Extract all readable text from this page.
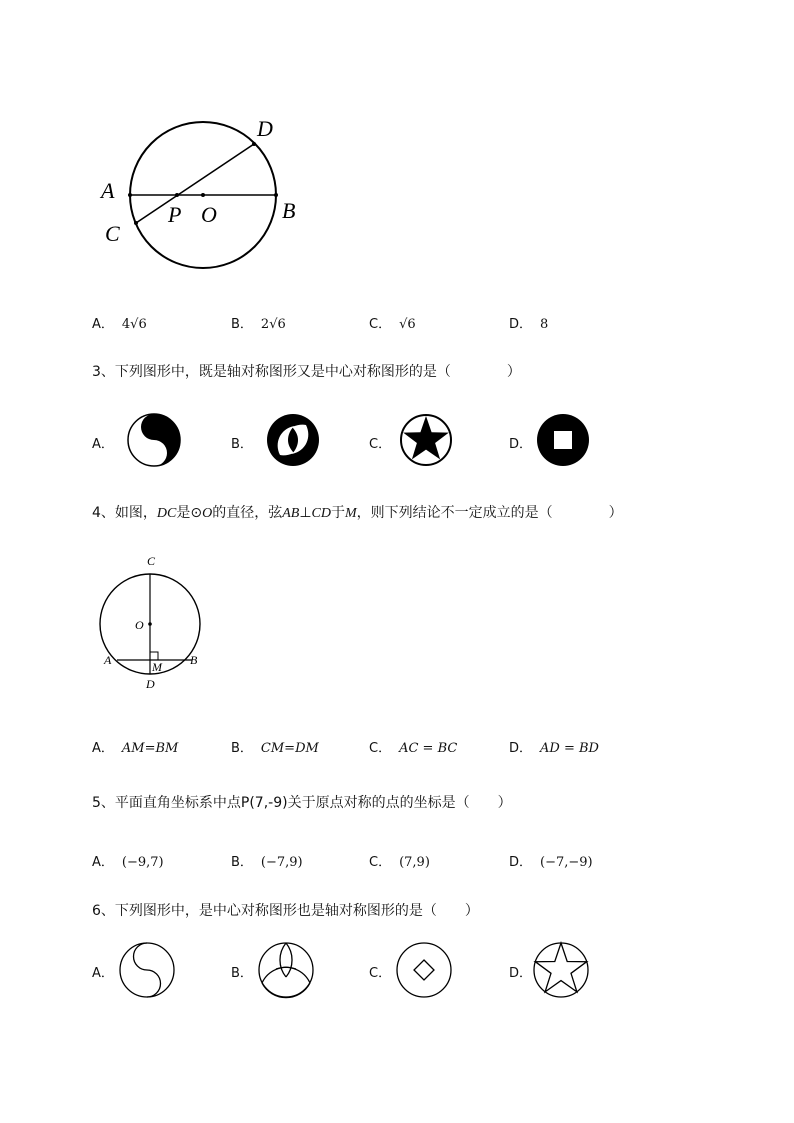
D
A
P O	B
C
A． 4√6	B． 2√6	C． √6	D． 8
3、下列图形中，既是轴对称图形又是中心对称图形的是（　　　　）
A．	B．	C．	D．
4、如图，DC是⊙O的直径，弦AB⊥CD于M，则下列结论不一定成立的是（　　　　）
C
O
A	M B
D
A． AM=BM	B． CM=DM	C． AC = BC	D． AD = BD
5、平面直角坐标系中点P(7,-9)关于原点对称的点的坐标是（　　）
A． (−9,7)	B． (−7,9)	C． (7,9)	D． (−7,−9)
6、下列图形中，是中心对称图形也是轴对称图形的是（　　）
A．	B．	C．	D．
